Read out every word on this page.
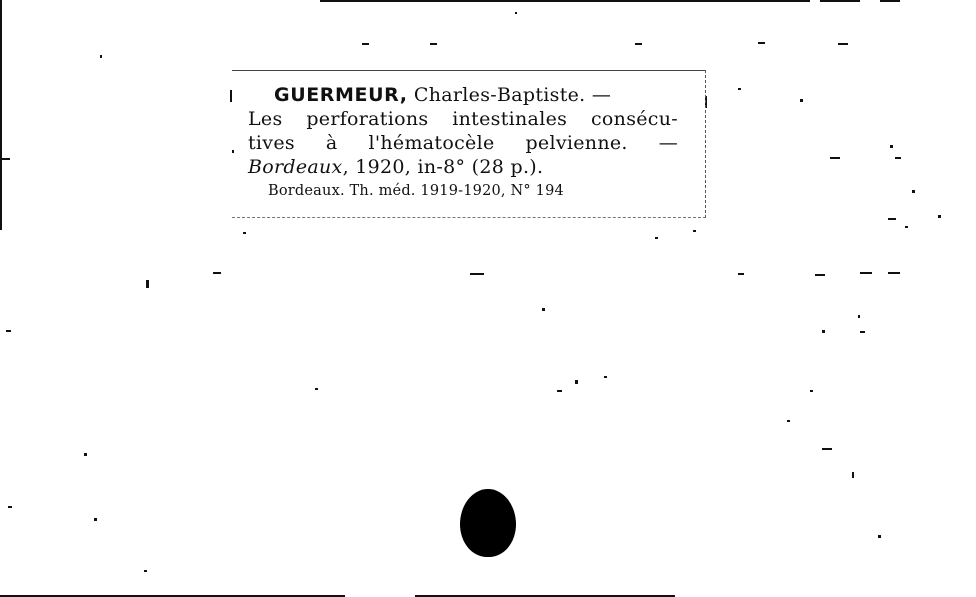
GUERMEUR, Charles-Baptiste. —
Les perforations intestinales consécu-
tives à l'hématocèle pelvienne. —
Bordeaux, 1920, in-8° (28 p.).
Bordeaux. Th. méd. 1919-1920, N° 194
